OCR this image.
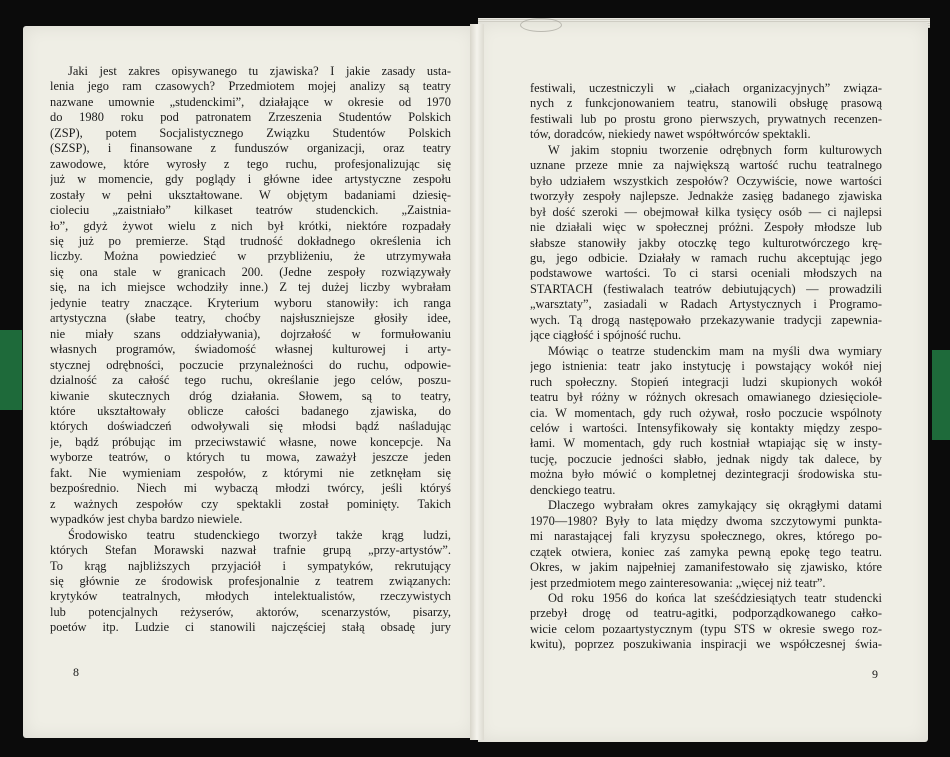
Jaki jest zakres opisywanego tu zjawiska? I jakie zasady usta-
lenia jego ram czasowych? Przedmiotem mojej analizy są teatry
nazwane umownie „studenckimi”, działające w okresie od 1970
do 1980 roku pod patronatem Zrzeszenia Studentów Polskich
(ZSP), potem Socjalistycznego Związku Studentów Polskich
(SZSP), i finansowane z funduszów organizacji, oraz teatry
zawodowe, które wyrosły z tego ruchu, profesjonalizując się
już w momencie, gdy poglądy i główne idee artystyczne zespołu
zostały w pełni ukształtowane. W objętym badaniami dziesię-
cioleciu „zaistniało” kilkaset teatrów studenckich. „Zaistnia-
ło”, gdyż żywot wielu z nich był krótki, niektóre rozpadały
się już po premierze. Stąd trudność dokładnego określenia ich
liczby. Można powiedzieć w przybliżeniu, że utrzymywała
się ona stale w granicach 200. (Jedne zespoły rozwiązywały
się, na ich miejsce wchodziły inne.) Z tej dużej liczby wybrałam
jedynie teatry znaczące. Kryterium wyboru stanowiły: ich ranga
artystyczna (słabe teatry, choćby najsłuszniejsze głosiły idee,
nie miały szans oddziaływania), dojrzałość w formułowaniu
własnych programów, świadomość własnej kulturowej i arty-
stycznej odrębności, poczucie przynależności do ruchu, odpowie-
dzialność za całość tego ruchu, określanie jego celów, poszu-
kiwanie skutecznych dróg działania. Słowem, są to teatry,
które ukształtowały oblicze całości badanego zjawiska, do
których doświadczeń odwoływali się młodsi bądź naśladując
je, bądź próbując im przeciwstawić własne, nowe koncepcje. Na
wyborze teatrów, o których tu mowa, zaważył jeszcze jeden
fakt. Nie wymieniam zespołów, z którymi nie zetknęłam się
bezpośrednio. Niech mi wybaczą młodzi twórcy, jeśli któryś
z ważnych zespołów czy spektakli został pominięty. Takich
wypadków jest chyba bardzo niewiele.
Środowisko teatru studenckiego tworzył także krąg ludzi,
których Stefan Morawski nazwał trafnie grupą „przy-artystów”.
To krąg najbliższych przyjaciół i sympatyków, rekrutujący
się głównie ze środowisk profesjonalnie z teatrem związanych:
krytyków teatralnych, młodych intelektualistów, rzeczywistych
lub potencjalnych reżyserów, aktorów, scenarzystów, pisarzy,
poetów itp. Ludzie ci stanowili najczęściej stałą obsadę jury
festiwali, uczestniczyli w „ciałach organizacyjnych” związa-
nych z funkcjonowaniem teatru, stanowili obsługę prasową
festiwali lub po prostu grono pierwszych, prywatnych recenzen-
tów, doradców, niekiedy nawet współtwórców spektakli.
W jakim stopniu tworzenie odrębnych form kulturowych
uznane przeze mnie za największą wartość ruchu teatralnego
było udziałem wszystkich zespołów? Oczywiście, nowe wartości
tworzyły zespoły najlepsze. Jednakże zasięg badanego zjawiska
był dość szeroki — obejmował kilka tysięcy osób — ci najlepsi
nie działali więc w społecznej próżni. Zespoły młodsze lub
słabsze stanowiły jakby otoczkę tego kulturotwórczego krę-
gu, jego odbicie. Działały w ramach ruchu akceptując jego
podstawowe wartości. To ci starsi oceniali młodszych na
STARTACH (festiwalach teatrów debiutujących) — prowadzili
„warsztaty”, zasiadali w Radach Artystycznych i Programo-
wych. Tą drogą następowało przekazywanie tradycji zapewnia-
jące ciągłość i spójność ruchu.
Mówiąc o teatrze studenckim mam na myśli dwa wymiary
jego istnienia: teatr jako instytucję i powstający wokół niej
ruch społeczny. Stopień integracji ludzi skupionych wokół
teatru był różny w różnych okresach omawianego dziesięciole-
cia. W momentach, gdy ruch ożywał, rosło poczucie wspólnoty
celów i wartości. Intensyfikowały się kontakty między zespo-
łami. W momentach, gdy ruch kostniał wtapiając się w insty-
tucję, poczucie jedności słabło, jednak nigdy tak dalece, by
można było mówić o kompletnej dezintegracji środowiska stu-
denckiego teatru.
Dlaczego wybrałam okres zamykający się okrągłymi datami
1970—1980? Były to lata między dwoma szczytowymi punkta-
mi narastającej fali kryzysu społecznego, okres, którego po-
czątek otwiera, koniec zaś zamyka pewną epokę tego teatru.
Okres, w jakim najpełniej zamanifestowało się zjawisko, które
jest przedmiotem mego zainteresowania: „więcej niż teatr”.
Od roku 1956 do końca lat sześćdziesiątych teatr studencki
przebył drogę od teatru-agitki, podporządkowanego całko-
wicie celom pozaartystycznym (typu STS w okresie swego roz-
kwitu), poprzez poszukiwania inspiracji we współczesnej świa-
8	9
